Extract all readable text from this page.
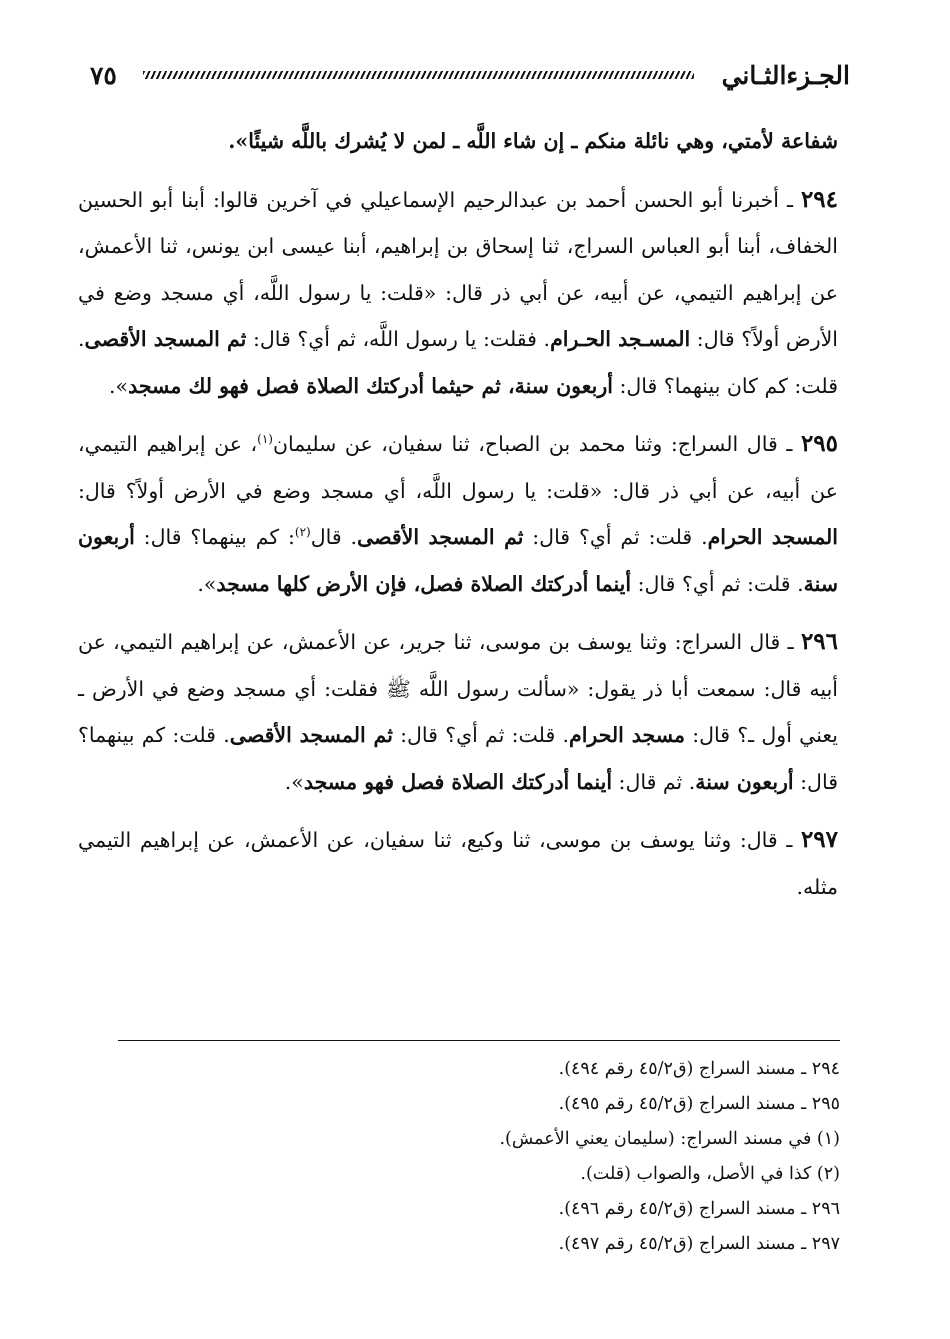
الجـزءالثـاني
٧٥

شفاعة لأمتي، وهي نائلة منكم ـ إن شاء اللَّه ـ لمن لا يُشرك باللَّه شيئًا».

٢٩٤ ـ أخبرنا أبو الحسن أحمد بن عبدالرحيم الإسماعيلي في آخرين قالوا: أبنا أبو الحسين الخفاف، أبنا أبو العباس السراج، ثنا إسحاق بن إبراهيم، أبنا عيسى ابن يونس، ثنا الأعمش، عن إبراهيم التيمي، عن أبيه، عن أبي ذر قال: «قلت: يا رسول اللَّه، أي مسجد وضع في الأرض أولاً؟ قال: المسـجد الحـرام. فقلت: يا رسول اللَّه، ثم أي؟ قال: ثم المسجد الأقصى. قلت: كم كان بينهما؟ قال: أربعون سنة، ثم حيثما أدركتك الصلاة فصل فهو لك مسجد».

٢٩٥ ـ قال السراج: وثنا محمد بن الصباح، ثنا سفيان، عن سليمان$^{(١)}$، عن إبراهيم التيمي، عن أبيه، عن أبي ذر قال: «قلت: يا رسول اللَّه، أي مسجد وضع في الأرض أولاً؟ قال: المسجد الحرام. قلت: ثم أي؟ قال: ثم المسجد الأقصى. قال$^{(٢)}$: كم بينهما؟ قال: أربعون سنة. قلت: ثم أي؟ قال: أينما أدركتك الصلاة فصل، فإن الأرض كلها مسجد».

٢٩٦ ـ قال السراج: وثنا يوسف بن موسى، ثنا جرير، عن الأعمش، عن إبراهيم التيمي، عن أبيه قال: سمعت أبا ذر يقول: «سألت رسول اللَّه ﷺ فقلت: أي مسجد وضع في الأرض ـ يعني أول ـ؟ قال: مسجد الحرام. قلت: ثم أي؟ قال: ثم المسجد الأقصى. قلت: كم بينهما؟ قال: أربعون سنة. ثم قال: أينما أدركتك الصلاة فصل فهو مسجد».

٢٩٧ ـ قال: وثنا يوسف بن موسى، ثنا وكيع، ثنا سفيان، عن الأعمش، عن إبراهيم التيمي مثله.

٢٩٤ ـ مسند السراج (ق٤٥/٢ رقم ٤٩٤).
٢٩٥ ـ مسند السراج (ق٤٥/٢ رقم ٤٩٥).
(١) في مسند السراج: (سليمان يعني الأعمش).
(٢) كذا في الأصل، والصواب (قلت).
٢٩٦ ـ مسند السراج (ق٤٥/٢ رقم ٤٩٦).
٢٩٧ ـ مسند السراج (ق٤٥/٢ رقم ٤٩٧).
